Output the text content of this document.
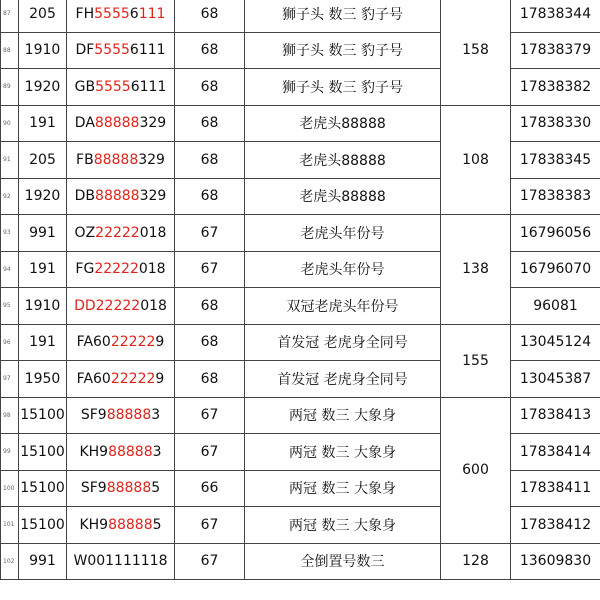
87	205	FH55556111	68	狮子头 数三 豹子号	158	17838344
88	1910	DF55556111	68	狮子头 数三 豹子号		17838379
89	1920	GB55556111	68	狮子头 数三 豹子号		17838382
90	191	DA88888329	68	老虎头88888	108	17838330
91	205	FB88888329	68	老虎头88888		17838345
92	1920	DB88888329	68	老虎头88888		17838383
93	991	OZ22222018	67	老虎头年份号	138	16796056
94	191	FG22222018	67	老虎头年份号		16796070
95	1910	DD22222018	68	双冠老虎头年份号		96081
96	191	FA60222229	68	首发冠 老虎身全同号	155	13045124
97	1950	FA60222229	68	首发冠 老虎身全同号		13045387
98	15100	SF9888883	67	两冠 数三 大象身	600	17838413
99	15100	KH9888883	67	两冠 数三 大象身		17838414
100	15100	SF9888885	66	两冠 数三 大象身		17838411
101	15100	KH9888885	67	两冠 数三 大象身		17838412
102	991	W001111118	67	全倒置号数三	128	13609830
